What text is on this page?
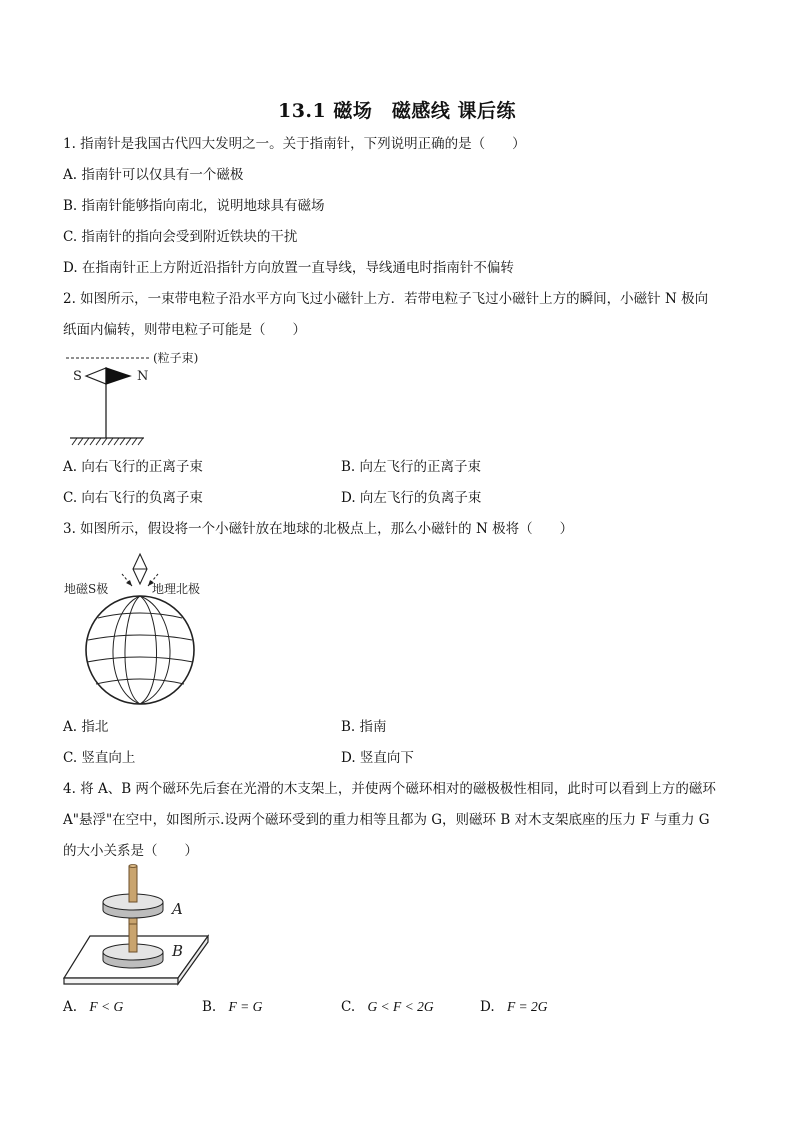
13.1 磁场　磁感线 课后练
1. 指南针是我国古代四大发明之一。关于指南针，下列说明正确的是（　　）
A. 指南针可以仅具有一个磁极
B. 指南针能够指向南北，说明地球具有磁场
C. 指南针的指向会受到附近铁块的干扰
D. 在指南针正上方附近沿指针方向放置一直导线，导线通电时指南针不偏转
2. 如图所示，一束带电粒子沿水平方向飞过小磁针上方．若带电粒子飞过小磁针上方的瞬间，小磁针 N 极向
纸面内偏转，则带电粒子可能是（　　）
(粒子束)
S	N
A. 向右飞行的正离子束	B. 向左飞行的正离子束
C. 向右飞行的负离子束	D. 向左飞行的负离子束
3. 如图所示，假设将一个小磁针放在地球的北极点上，那么小磁针的 N 极将（　　）
地磁S极	地理北极
A. 指北	B. 指南
C. 竖直向上	D. 竖直向下
4. 将 A、B 两个磁环先后套在光滑的木支架上，并使两个磁环相对的磁极极性相同，此时可以看到上方的磁环
A"悬浮"在空中，如图所示.设两个磁环受到的重力相等且都为 G，则磁环 B 对木支架底座的压力 F 与重力 G
的大小关系是（　　）
A
B
A. F < G	B. F = G	C. G < F < 2G	D. F = 2G
